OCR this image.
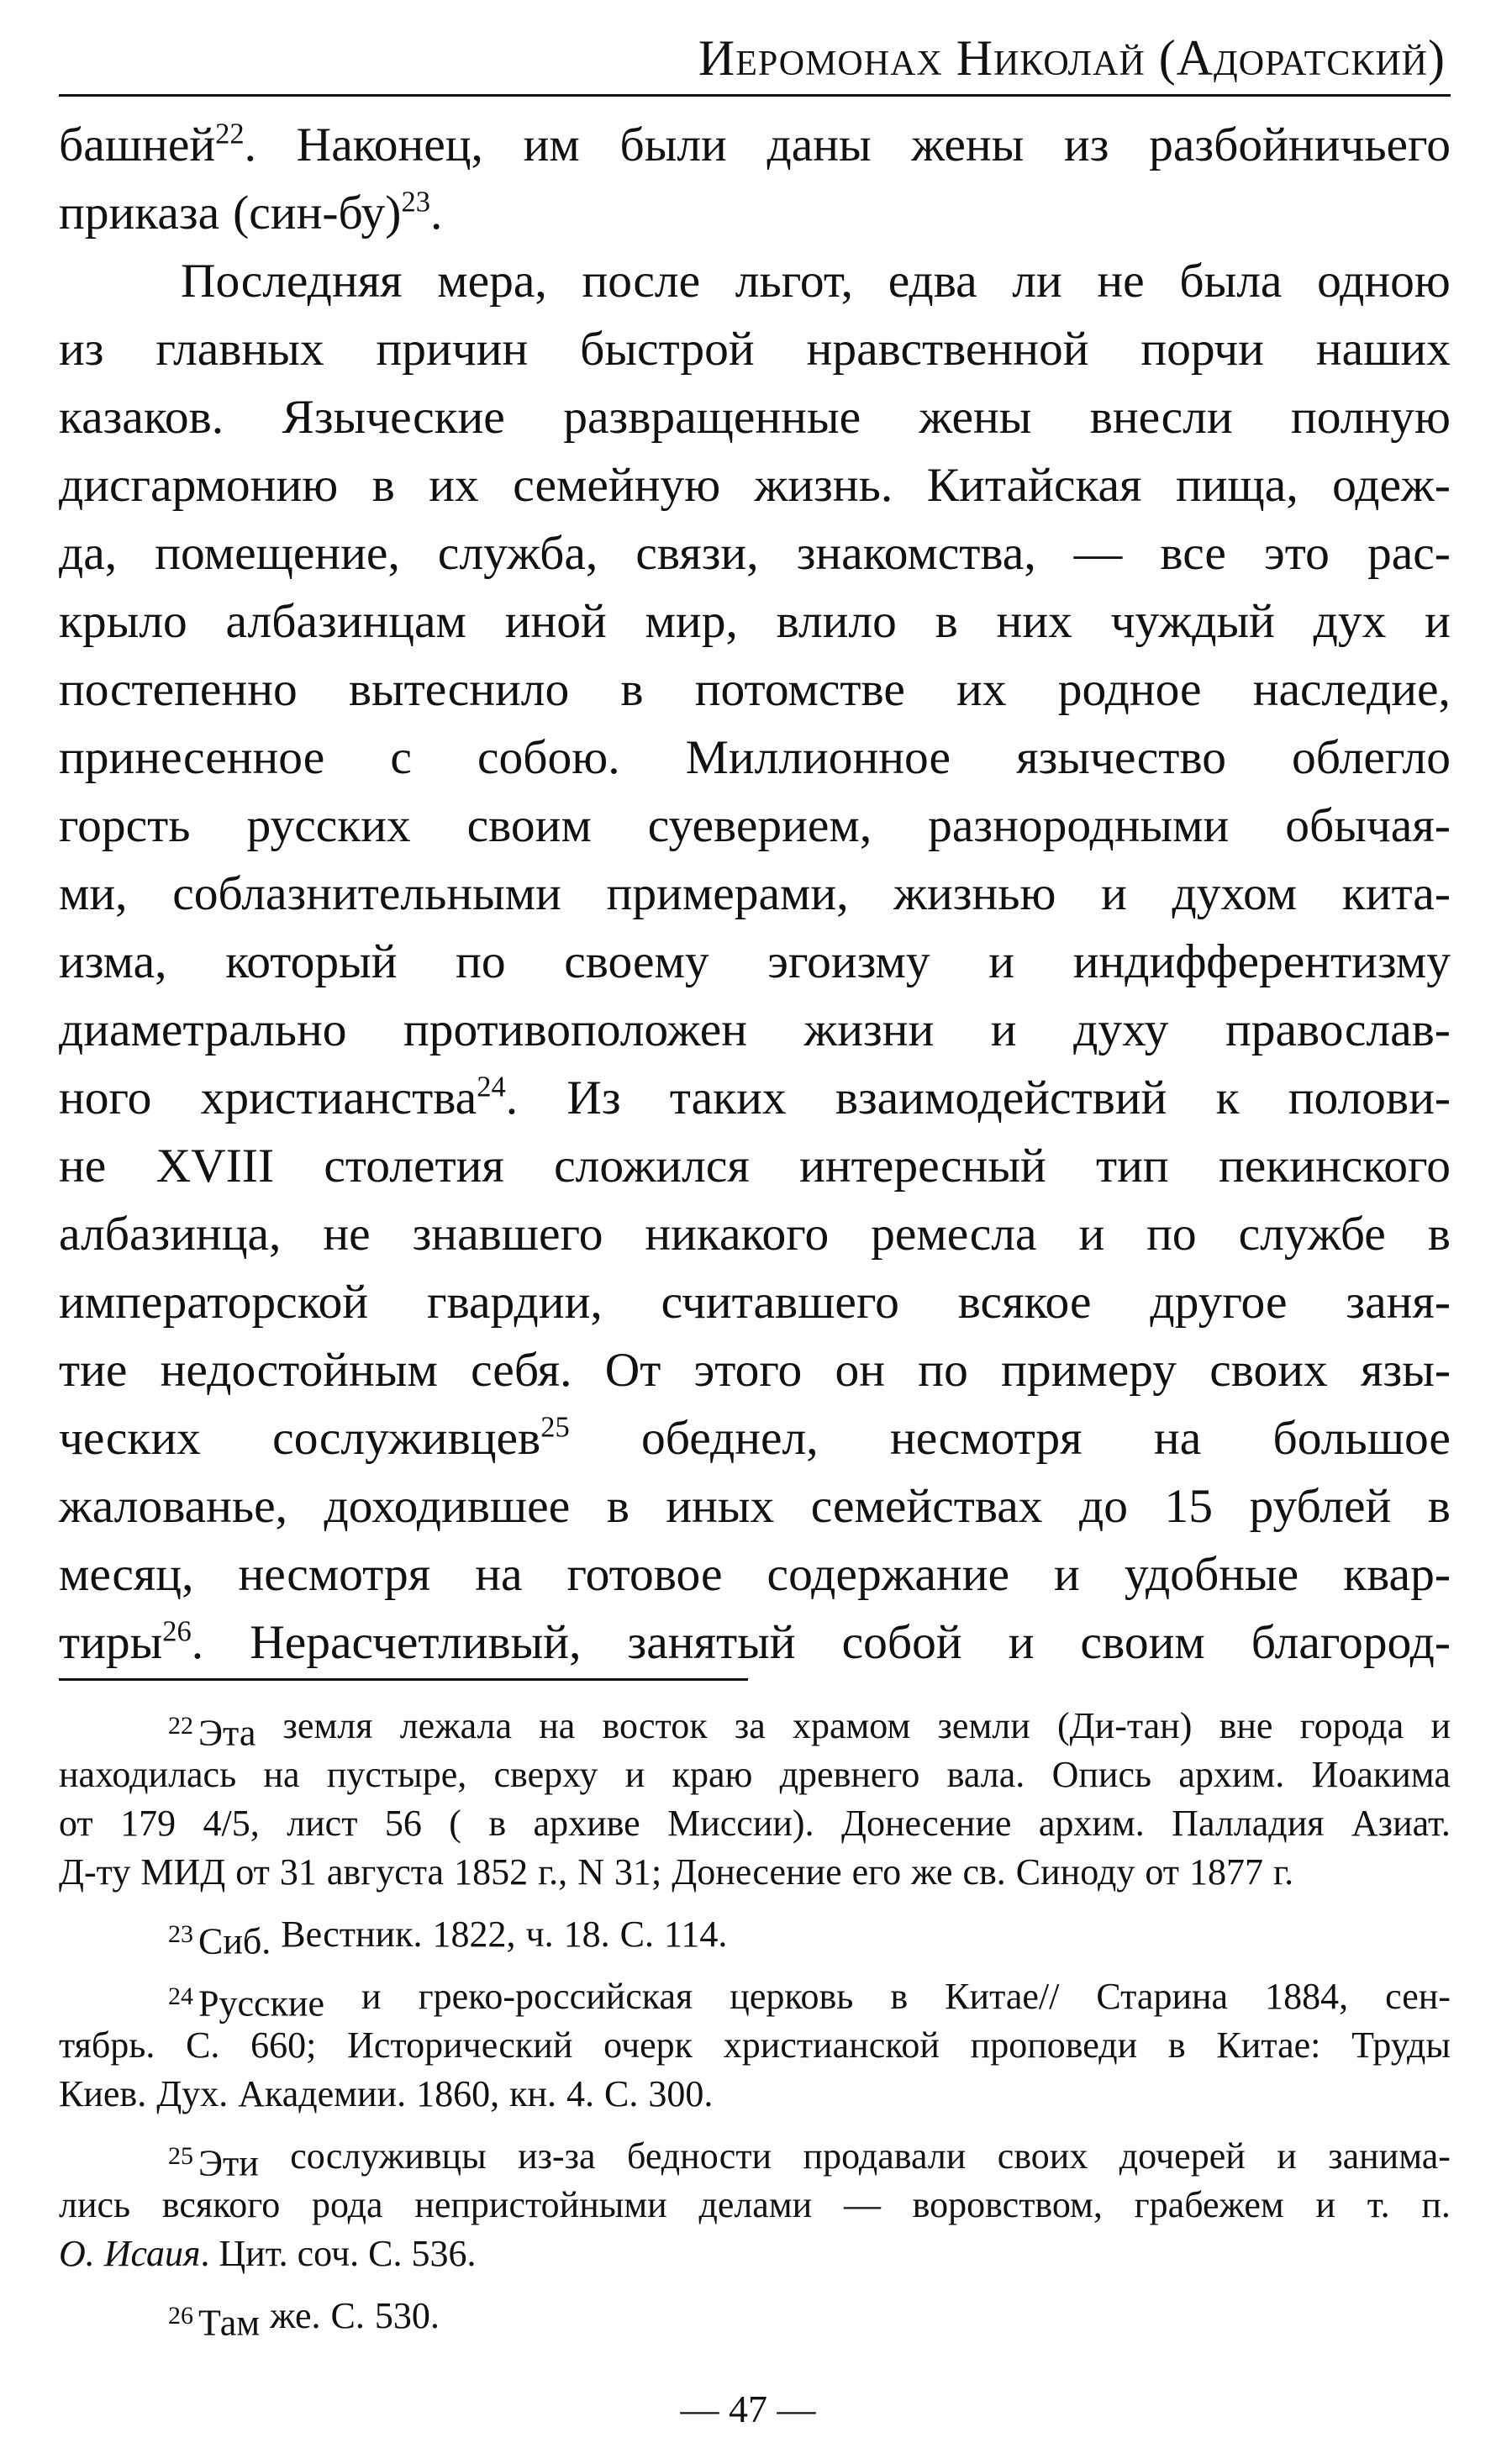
Иеромонах Николай (Адоратский)
башней$^{22}$. Наконец, им были даны жены из разбойничьего
приказа $(син-бу)^{23}$.
Последняя мера, после льгот, едва ли не была одною
из главных причин быстрой нравственной порчи наших
казаков. Языческие развращенные жены внесли полную
дисгармонию в их семейную жизнь. Китайская пища, одеж-
да, помещение, служба, связи, знакомства, — все это рас-
крыло албазинцам иной мир, влило в них чуждый дух и
постепенно вытеснило в потомстве их родное наследие,
принесенное с собою. Миллионное язычество облегло
горсть русских своим суеверием, разнородными обычая-
ми, соблазнительными примерами, жизнью и духом кита-
изма, который по своему эгоизму и индифферентизму
диаметрально противоположен жизни и духу православ-
ного христианства$^{24}$. Из таких взаимодействий к полови-
не XVIII столетия сложился интересный тип пекинского
албазинца, не знавшего никакого ремесла и по службе в
императорской гвардии, считавшего всякое другое заня-
тие недостойным себя. От этого он по примеру своих язы-
ческих сослуживцев$^{25}$ обеднел, несмотря на большое
жалованье, доходившее в иных семействах до 15 рублей в
месяц, несмотря на готовое содержание и удобные квар-
тиры$^{26}$. Нерасчетливый, занятый собой и своим благород-
$^{22}$ Эта земля лежала на восток за храмом земли (Ди-тан) вне города и
находилась на пустыре, сверху и краю древнего вала. Опись архим. Иоакима
от 179 4/5, лист 56 ( в архиве Миссии). Донесение архим. Палладия Азиат.
Д-ту МИД от 31 августа 1852 г., N 31; Донесение его же св. Синоду от 1877 г.
$^{23}$ Сиб. Вестник. 1822, ч. 18. С. 114.
$^{24}$ Русские и греко-российская церковь в Китае// Старина 1884, сен-
тябрь. С. 660; Исторический очерк христианской проповеди в Китае: Труды
Киев. Дух. Академии. 1860, кн. 4. С. 300.
$^{25}$ Эти сослуживцы из-за бедности продавали своих дочерей и занима-
лись всякого рода непристойными делами — воровством, грабежем и т. п.
О. Исаия . Цит. соч. С. 536.
$^{26}$ Там же. С. 530.
— 47 —
